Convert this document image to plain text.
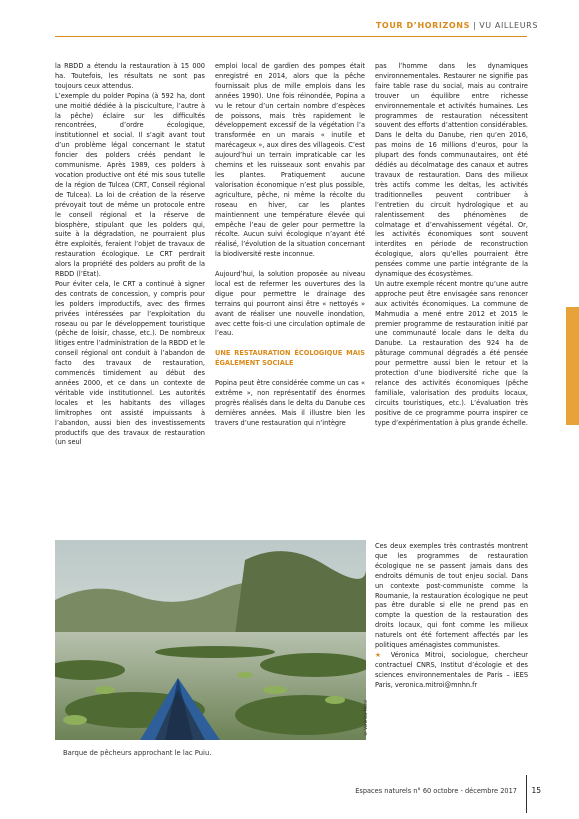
TOUR D’HORIZONS | VU AILLEURS

la RBDD a étendu la restauration à 15 000 ha. Toutefois, les résultats ne sont pas toujours ceux attendus.

L’exemple du polder Popina (à 592 ha, dont une moitié dédiée à la pisciculture, l’autre à la pêche) éclaire sur les difficultés rencontrées, d’ordre écologique, institutionnel et social. Il s’agit avant tout d’un problème légal concernant le statut foncier des polders créés pendant le communisme. Après 1989, ces polders à vocation productive ont été mis sous tutelle de la région de Tulcea (CRT, Conseil régional de Tulcea). La loi de création de la réserve prévoyait tout de même un protocole entre le conseil régional et la réserve de biosphère, stipulant que les polders qui, suite à la dégradation, ne pourraient plus être exploités, feraient l’objet de travaux de restauration écologique. Le CRT perdrait alors la propriété des polders au profit de la RBDD (l’État).

Pour éviter cela, le CRT a continué à signer des contrats de concession, y compris pour les polders improductifs, avec des firmes privées intéressées par l’exploitation du roseau ou par le développement touristique (pêche de loisir, chasse, etc.). De nombreux litiges entre l’administration de la RBDD et le conseil régional ont conduit à l’abandon de facto des travaux de restauration, commencés timidement au début des années 2000, et ce dans un contexte de véritable vide institutionnel. Les autorités locales et les habitants des villages limitrophes ont assisté impuissants à l’abandon, aussi bien des investissements productifs que des travaux de restauration (un seul

emploi local de gardien des pompes était enregistré en 2014, alors que la pêche fournissait plus de mille emplois dans les années 1990). Une fois réinondée, Popina a vu le retour d’un certain nombre d’espèces de poissons, mais très rapidement le développement excessif de la végétation l’a transformée en un marais « inutile et marécageux », aux dires des villageois. C’est aujourd’hui un terrain impraticable car les chemins et les ruisseaux sont envahis par les plantes. Pratiquement aucune valorisation économique n’est plus possible, agriculture, pêche, ni même la récolte du roseau en hiver, car les plantes maintiennent une température élevée qui empêche l’eau de geler pour permettre la récolte. Aucun suivi écologique n’ayant été réalisé, l’évolution de la situation concernant la biodiversité reste inconnue.

Aujourd’hui, la solution proposée au niveau local est de refermer les ouvertures des la digue pour permettre le drainage des terrains qui pourront ainsi être « nettoyés » avant de réaliser une nouvelle inondation, avec cette fois-ci une circulation optimale de l’eau.

UNE RESTAURATION ÉCOLOGIQUE MAIS ÉGALEMENT SOCIALE

Popina peut être considérée comme un cas « extrême », non représentatif des énormes progrès réalisés dans le delta du Danube ces dernières années. Mais il illustre bien les travers d’une restauration qui n’intègre

pas l’homme dans les dynamiques environnementales. Restaurer ne signifie pas faire table rase du social, mais au contraire trouver un équilibre entre richesse environnementale et activités humaines. Les programmes de restauration nécessitent souvent des efforts d’attention considérables. Dans le delta du Danube, rien qu’en 2016, pas moins de 16 millions d’euros, pour la plupart des fonds communautaires, ont été dédiés au décolmatage des canaux et autres travaux de restauration. Dans des milieux très actifs comme les deltas, les activités traditionnelles peuvent contribuer à l’entretien du circuit hydrologique et au ralentissement des phénomènes de colmatage et d’envahissement végétal. Or, les activités économiques sont souvent interdites en période de reconstruction écologique, alors qu’elles pourraient être pensées comme une partie intégrante de la dynamique des écosystèmes.

Un autre exemple récent montre qu’une autre approche peut être envisagée sans renoncer aux activités économiques. La commune de Mahmudia a mené entre 2012 et 2015 le premier programme de restauration initié par une communauté locale dans le delta du Danube. La restauration des 924 ha de pâturage communal dégradés a été pensée pour permettre aussi bien le retour et la protection d’une biodiversité riche que la relance des activités économiques (pêche familiale, valorisation des produits locaux, circuits touristiques, etc.). L’évaluation très positive de ce programme pourra inspirer ce type d’expérimentation à plus grande échelle.

Ces deux exemples très contrastés montrent que les programmes de restauration écologique ne se passent jamais dans des endroits démunis de tout enjeu social. Dans un contexte post-communiste comme la Roumanie, la restauration écologique ne peut pas être durable si elle ne prend pas en compte la question de la restauration des droits locaux, qui font comme les milieux naturels ont été fortement affectés par les politiques aménagistes communistes.

★ Véronica Mitroi, sociologue, chercheur contractuel CNRS, Institut d’écologie et des sciences environnementales de Paris – iEES Paris, veronica.mitroi@mnhn.fr

© Veronica Mitroi
Barque de pêcheurs approchant le lac Puiu.
Espaces naturels n° 60 octobre - décembre 2017 15
